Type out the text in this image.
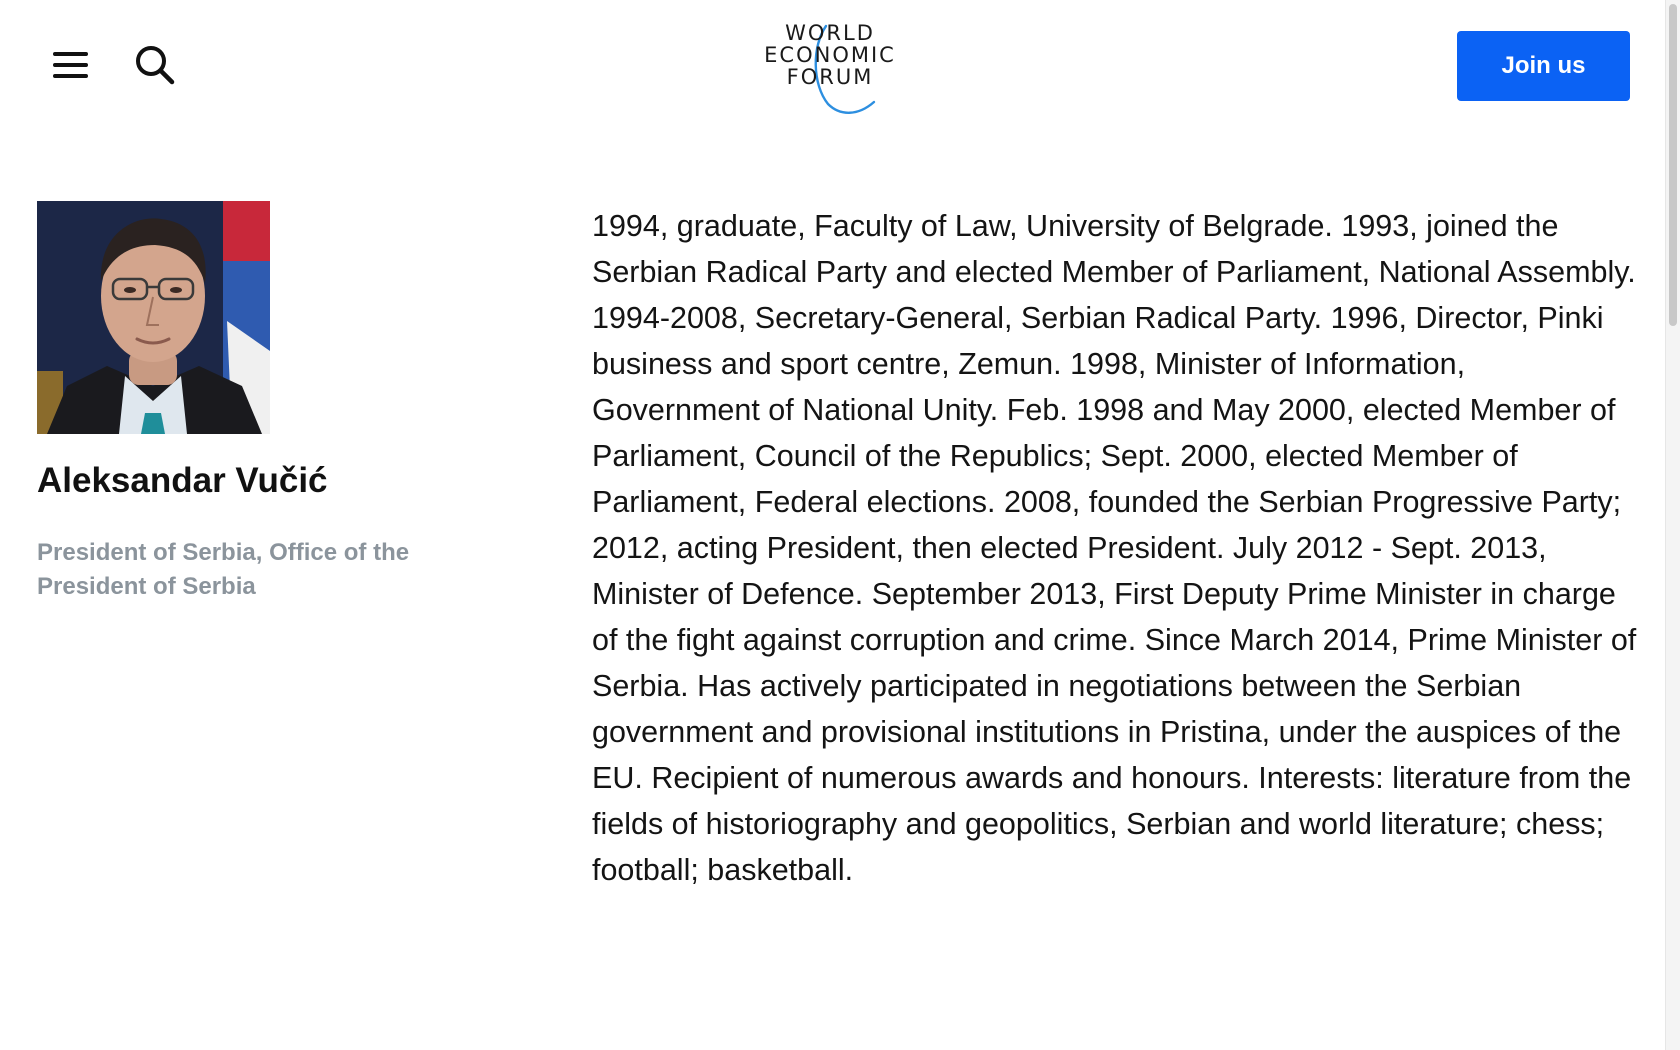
WORLD
ECONOMIC
FORUM	Join us
Aleksandar Vučić

President of Serbia, Office of the President of Serbia

1994, graduate, Faculty of Law, University of Belgrade. 1993, joined the Serbian Radical Party and elected Member of Parliament, National Assembly. 1994-2008, Secretary-General, Serbian Radical Party. 1996, Director, Pinki business and sport centre, Zemun. 1998, Minister of Information, Government of National Unity. Feb. 1998 and May 2000, elected Member of Parliament, Council of the Republics; Sept. 2000, elected Member of Parliament, Federal elections. 2008, founded the Serbian Progressive Party; 2012, acting President, then elected President. July 2012 - Sept. 2013, Minister of Defence. September 2013, First Deputy Prime Minister in charge of the fight against corruption and crime. Since March 2014, Prime Minister of Serbia. Has actively participated in negotiations between the Serbian government and provisional institutions in Pristina, under the auspices of the EU. Recipient of numerous awards and honours. Interests: literature from the fields of historiography and geopolitics, Serbian and world literature; chess; football; basketball.
